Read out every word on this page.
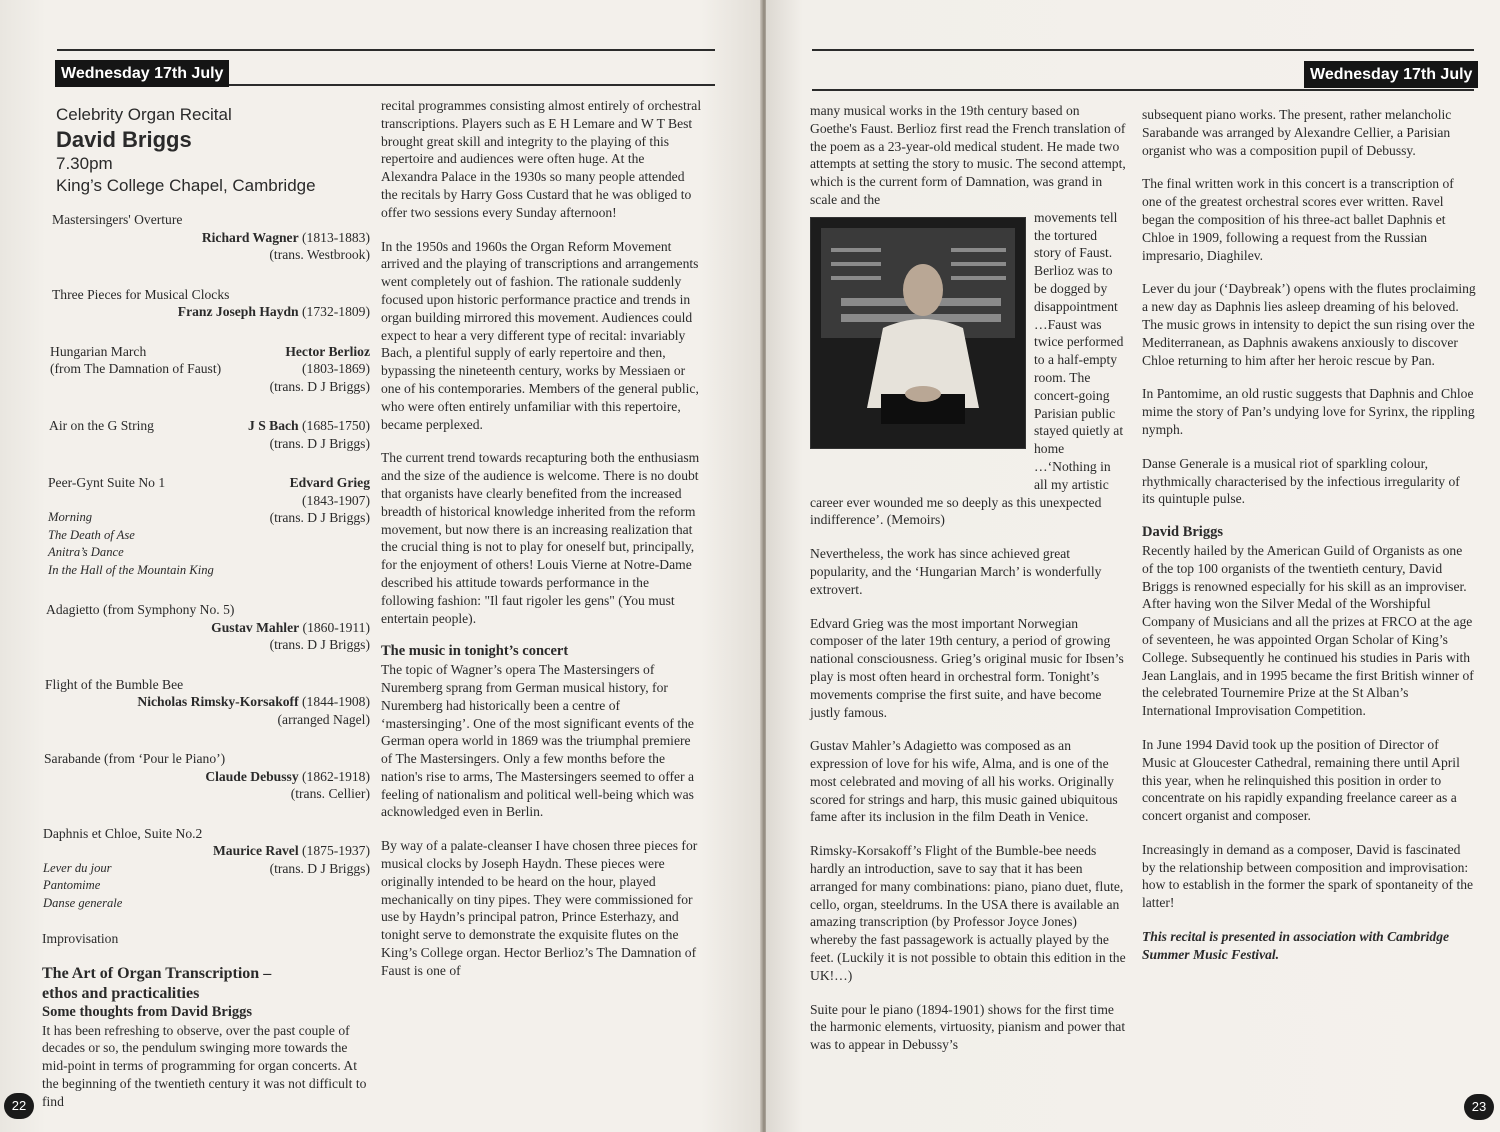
Wednesday 17th July
Celebrity Organ Recital
David Briggs
7.30pm
King’s College Chapel, Cambridge
Mastersingers' Overture
Richard Wagner (1813-1883)
(trans. Westbrook)
Three Pieces for Musical Clocks
Franz Joseph Haydn (1732-1809)
Hungarian March	Hector Berlioz
(from The Damnation of Faust)	(1803-1869)
(trans. D J Briggs)
Air on the G String	J S Bach (1685-1750)
(trans. D J Briggs)
Peer-Gynt Suite No 1	Edvard Grieg
(1843-1907)
Morning
The Death of Ase
Anitra’s Dance
In the Hall of the Mountain King
(trans. D J Briggs)
Adagietto (from Symphony No. 5)
Gustav Mahler (1860-1911)
(trans. D J Briggs)
Flight of the Bumble Bee
Nicholas Rimsky-Korsakoff (1844-1908)
(arranged Nagel)
Sarabande (from ‘Pour le Piano’)
Claude Debussy (1862-1918)
(trans. Cellier)
Daphnis et Chloe, Suite No.2
Maurice Ravel (1875-1937)
Lever du jour
Pantomime
Danse generale
(trans. D J Briggs)
Improvisation
The Art of Organ Transcription –
ethos and practicalities
Some thoughts from David Briggs
It has been refreshing to observe, over the past couple of decades or so, the pendulum swinging more towards the mid-point in terms of programming for organ concerts. At the beginning of the twentieth century it was not difficult to find

recital programmes consisting almost entirely of orchestral transcriptions. Players such as E H Lemare and W T Best brought great skill and integrity to the playing of this repertoire and audiences were often huge. At the Alexandra Palace in the 1930s so many people attended the recitals by Harry Goss Custard that he was obliged to offer two sessions every Sunday afternoon!

In the 1950s and 1960s the Organ Reform Movement arrived and the playing of transcriptions and arrangements went completely out of fashion. The rationale suddenly focused upon historic performance practice and trends in organ building mirrored this movement. Audiences could expect to hear a very different type of recital: invariably Bach, a plentiful supply of early repertoire and then, bypassing the nineteenth century, works by Messiaen or one of his contemporaries. Members of the general public, who were often entirely unfamiliar with this repertoire, became perplexed.

The current trend towards recapturing both the enthusiasm and the size of the audience is welcome. There is no doubt that organists have clearly benefited from the increased breadth of historical knowledge inherited from the reform movement, but now there is an increasing realization that the crucial thing is not to play for oneself but, principally, for the enjoyment of others! Louis Vierne at Notre-Dame described his attitude towards performance in the following fashion: "Il faut rigoler les gens" (You must entertain people).

The music in tonight’s concert

The topic of Wagner’s opera The Mastersingers of Nuremberg sprang from German musical history, for Nuremberg had historically been a centre of ‘mastersinging’. One of the most significant events of the German opera world in 1869 was the triumphal premiere of The Mastersingers. Only a few months before the nation's rise to arms, The Mastersingers seemed to offer a feeling of nationalism and political well-being which was acknowledged even in Berlin.

By way of a palate-cleanser I have chosen three pieces for musical clocks by Joseph Haydn. These pieces were originally intended to be heard on the hour, played mechanically on tiny pipes. They were commissioned for use by Haydn’s principal patron, Prince Esterhazy, and tonight serve to demonstrate the exquisite flutes on the King’s College organ. Hector Berlioz’s The Damnation of Faust is one of

22
Wednesday 17th July
many musical works in the 19th century based on Goethe's Faust. Berlioz first read the French translation of the poem as a 23-year-old medical student. He made two attempts at setting the story to music. The second attempt, which is the current form of Damnation, was grand in scale and the
movements tell the tortured story of Faust. Berlioz was to be dogged by disappointment …Faust was twice performed to a half-empty room. The concert-going Parisian public stayed quietly at home …‘Nothing in all my artistic

career ever wounded me so deeply as this unexpected indifference’. (Memoirs)

Nevertheless, the work has since achieved great popularity, and the ‘Hungarian March’ is wonderfully extrovert.

Edvard Grieg was the most important Norwegian composer of the later 19th century, a period of growing national consciousness. Grieg’s original music for Ibsen’s play is most often heard in orchestral form. Tonight’s movements comprise the first suite, and have become justly famous.

Gustav Mahler’s Adagietto was composed as an expression of love for his wife, Alma, and is one of the most celebrated and moving of all his works. Originally scored for strings and harp, this music gained ubiquitous fame after its inclusion in the film Death in Venice.

Rimsky-Korsakoff’s Flight of the Bumble-bee needs hardly an introduction, save to say that it has been arranged for many combinations: piano, piano duet, flute, cello, organ, steeldrums. In the USA there is available an amazing transcription (by Professor Joyce Jones) whereby the fast passagework is actually played by the feet. (Luckily it is not possible to obtain this edition in the UK!…)

Suite pour le piano (1894-1901) shows for the first time the harmonic elements, virtuosity, pianism and power that was to appear in Debussy’s

subsequent piano works. The present, rather melancholic Sarabande was arranged by Alexandre Cellier, a Parisian organist who was a composition pupil of Debussy.

The final written work in this concert is a transcription of one of the greatest orchestral scores ever written. Ravel began the composition of his three-act ballet Daphnis et Chloe in 1909, following a request from the Russian impresario, Diaghilev.

Lever du jour (‘Daybreak’) opens with the flutes proclaiming a new day as Daphnis lies asleep dreaming of his beloved. The music grows in intensity to depict the sun rising over the Mediterranean, as Daphnis awakens anxiously to discover Chloe returning to him after her heroic rescue by Pan.

In Pantomime, an old rustic suggests that Daphnis and Chloe mime the story of Pan’s undying love for Syrinx, the rippling nymph.

Danse Generale is a musical riot of sparkling colour, rhythmically characterised by the infectious irregularity of its quintuple pulse.

David Briggs

Recently hailed by the American Guild of Organists as one of the top 100 organists of the twentieth century, David Briggs is renowned especially for his skill as an improviser. After having won the Silver Medal of the Worshipful Company of Musicians and all the prizes at FRCO at the age of seventeen, he was appointed Organ Scholar of King’s College. Subsequently he continued his studies in Paris with Jean Langlais, and in 1995 became the first British winner of the celebrated Tournemire Prize at the St Alban’s International Improvisation Competition.

In June 1994 David took up the position of Director of Music at Gloucester Cathedral, remaining there until April this year, when he relinquished this position in order to concentrate on his rapidly expanding freelance career as a concert organist and composer.

Increasingly in demand as a composer, David is fascinated by the relationship between composition and improvisation: how to establish in the former the spark of spontaneity of the latter!

This recital is presented in association with Cambridge Summer Music Festival.

23
